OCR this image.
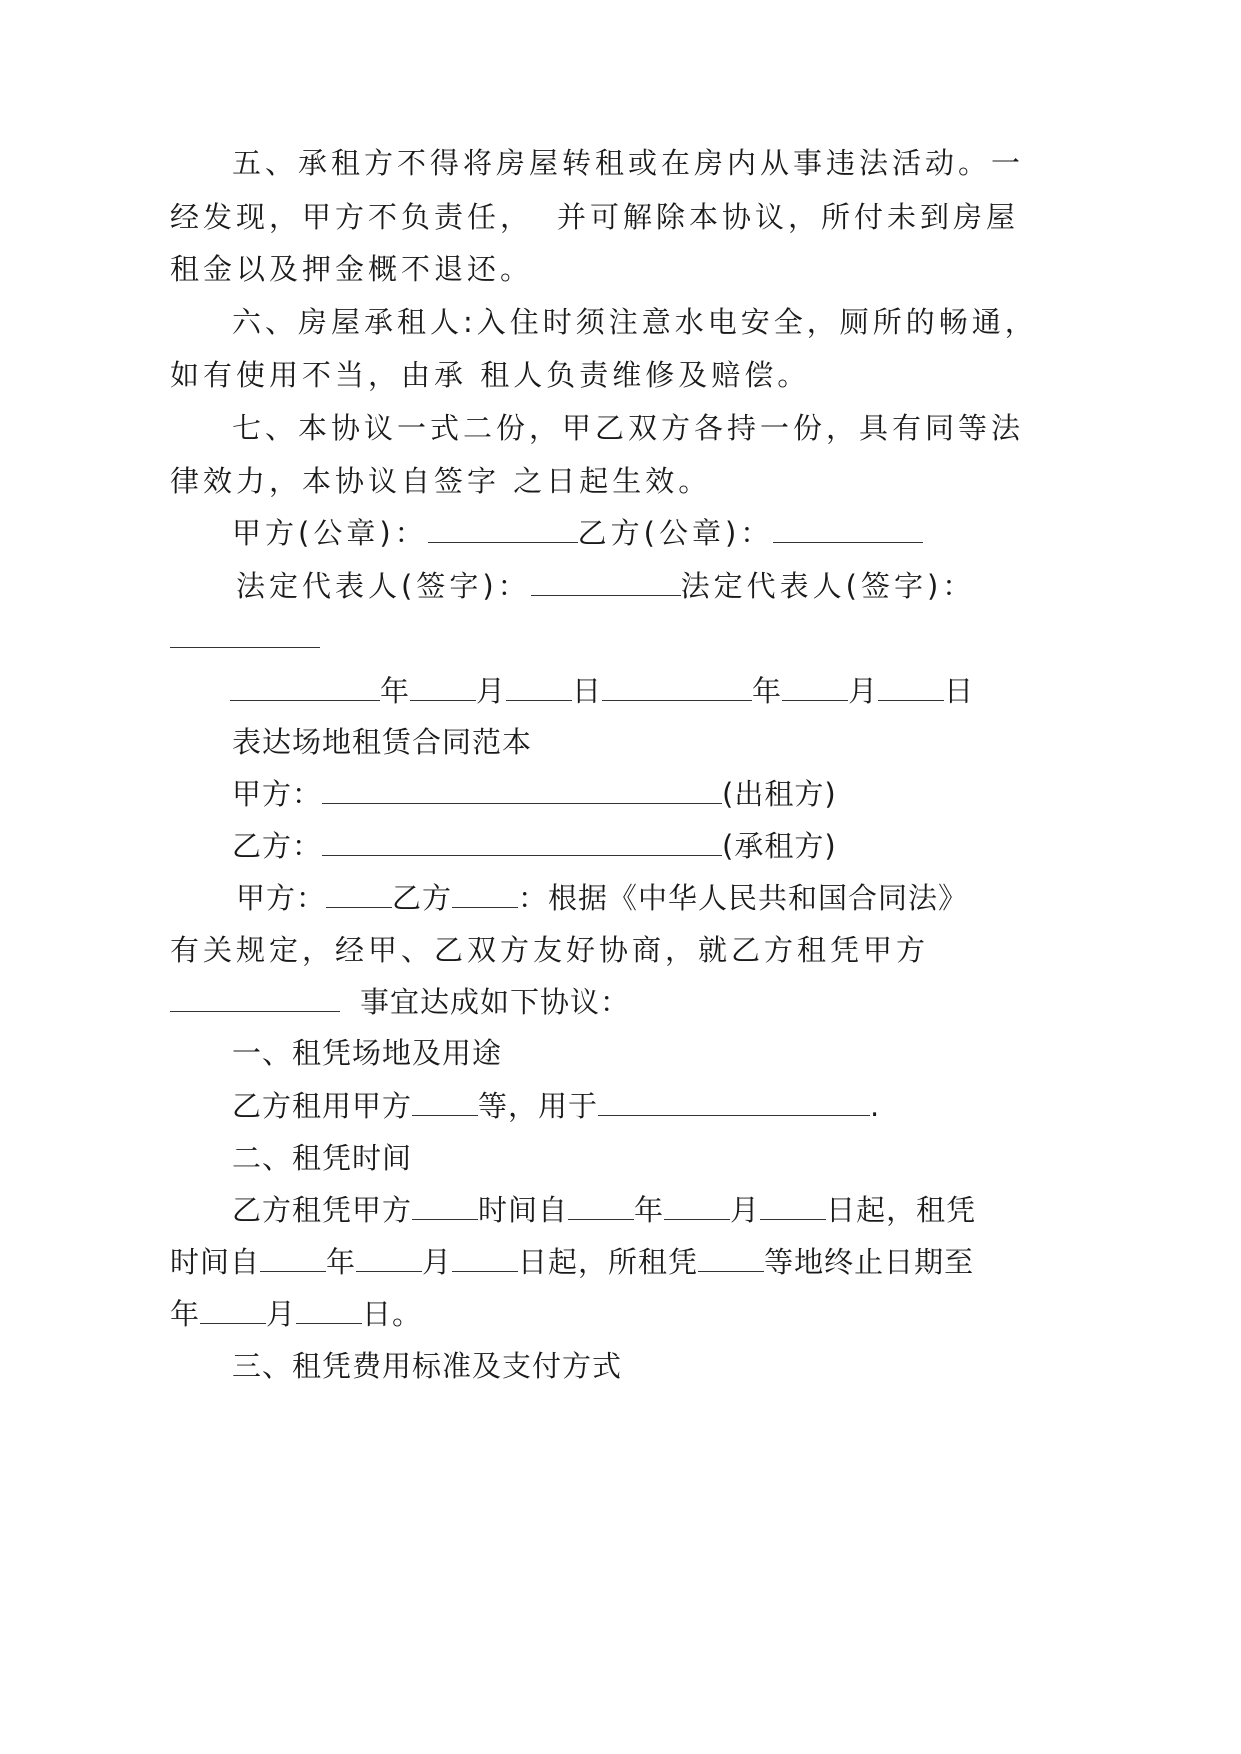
五、承租方不得将房屋转租或在房内从事违法活动。一
经发现，甲方不负责任， 并可解除本协议，所付未到房屋
租金以及押金概不退还。
六、房屋承租人:入住时须注意水电安全，厕所的畅通，
如有使用不当，由承 租人负责维修及赔偿。
七、本协议一式二份，甲乙双方各持一份，具有同等法
律效力，本协议自签字 之日起生效。
甲方(公章)：	乙方(公章)：
法定代表人(签字)：	法定代表人(签字)：
年 月 日	年 月 日
表达场地租赁合同范本
甲方：	(出租方)
乙方：	(承租方)
甲方： 乙方 ：根据《中华人民共和国合同法》
有关规定，经甲、乙双方友好协商，就乙方租凭甲方
事宜达成如下协议：
一、租凭场地及用途
乙方租用甲方 等，用于	.
二、租凭时间
乙方租凭甲方 时间自 年 月 日起，租凭
时间自 年 月 日起，所租凭 等地终止日期至
年 月 日。
三、租凭费用标准及支付方式
